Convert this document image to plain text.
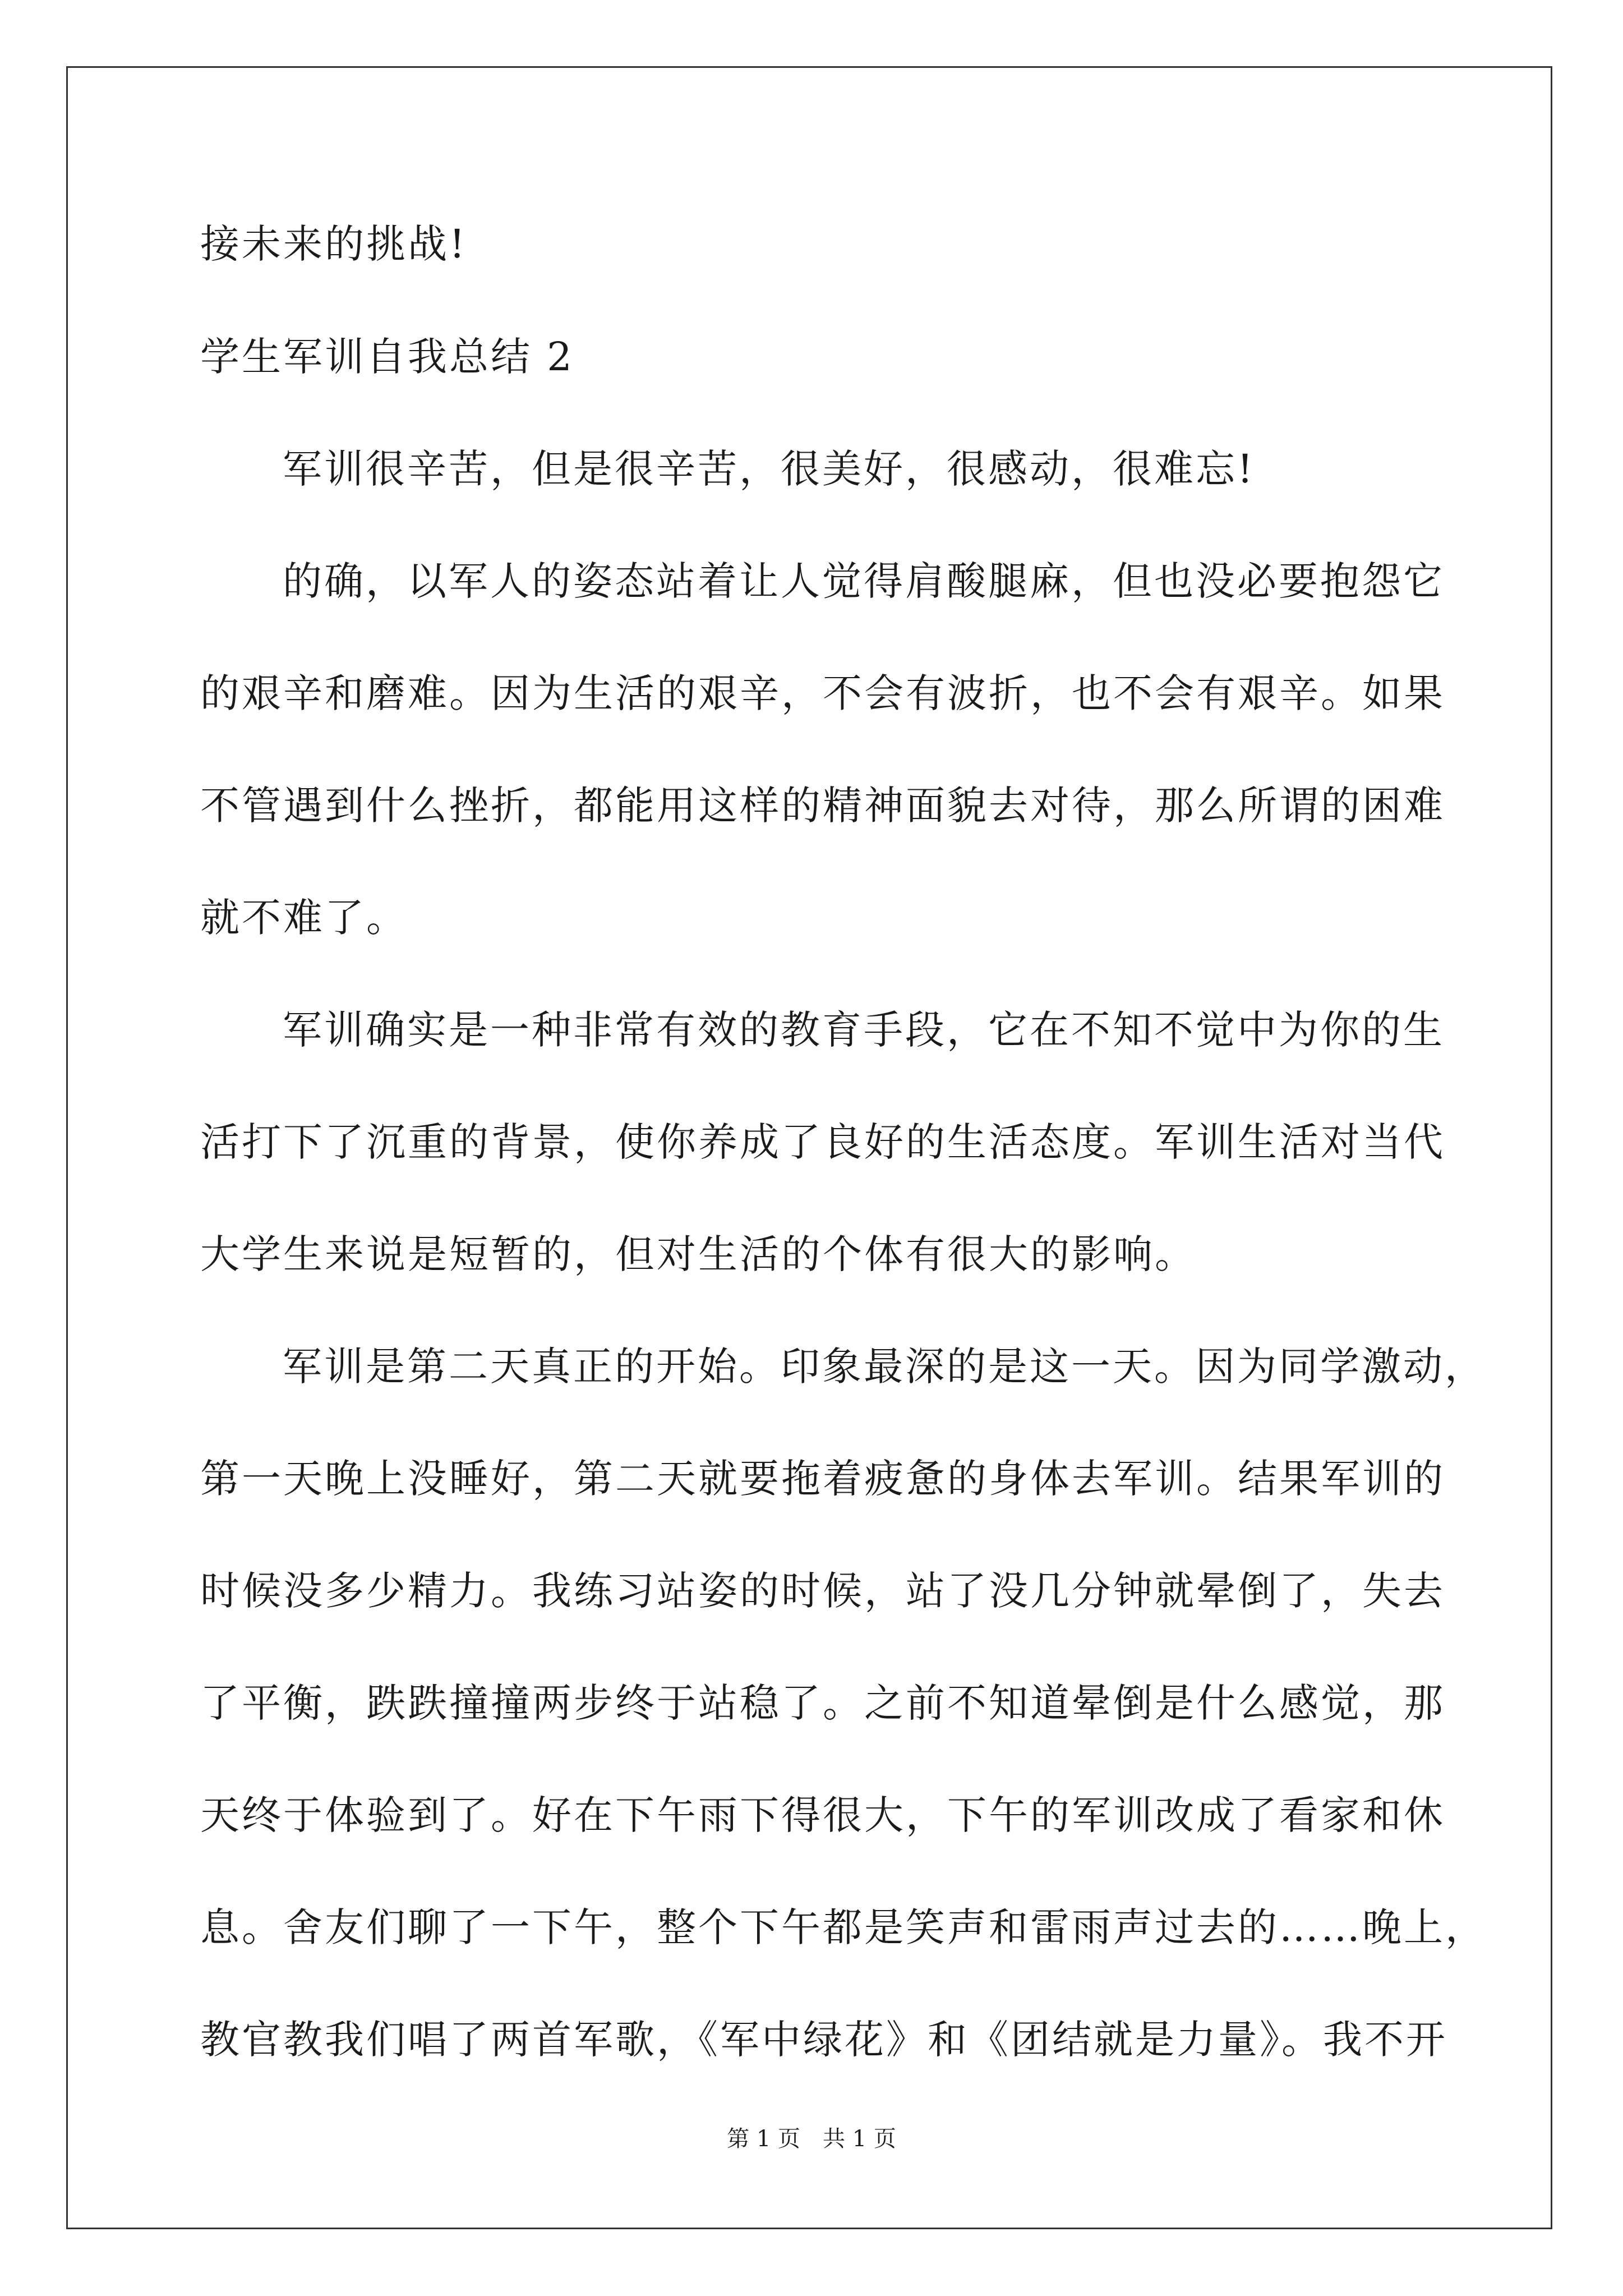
接未来的挑战!
学生军训自我总结 2
军训很辛苦，但是很辛苦，很美好，很感动，很难忘!
的确，以军人的姿态站着让人觉得肩酸腿麻，但也没必要抱怨它
的艰辛和磨难。因为生活的艰辛，不会有波折，也不会有艰辛。如果
不管遇到什么挫折，都能用这样的精神面貌去对待，那么所谓的困难
就不难了。
军训确实是一种非常有效的教育手段，它在不知不觉中为你的生
活打下了沉重的背景，使你养成了良好的生活态度。军训生活对当代
大学生来说是短暂的，但对生活的个体有很大的影响。
军训是第二天真正的开始。印象最深的是这一天。因为同学激动，
第一天晚上没睡好，第二天就要拖着疲惫的身体去军训。结果军训的
时候没多少精力。我练习站姿的时候，站了没几分钟就晕倒了，失去
了平衡，跌跌撞撞两步终于站稳了。之前不知道晕倒是什么感觉，那
天终于体验到了。好在下午雨下得很大，下午的军训改成了看家和休
息。舍友们聊了一下午，整个下午都是笑声和雷雨声过去的……晚上，
教官教我们唱了两首军歌，《军中绿花》和《团结就是力量》。我不开
第 1 页　共 1 页
